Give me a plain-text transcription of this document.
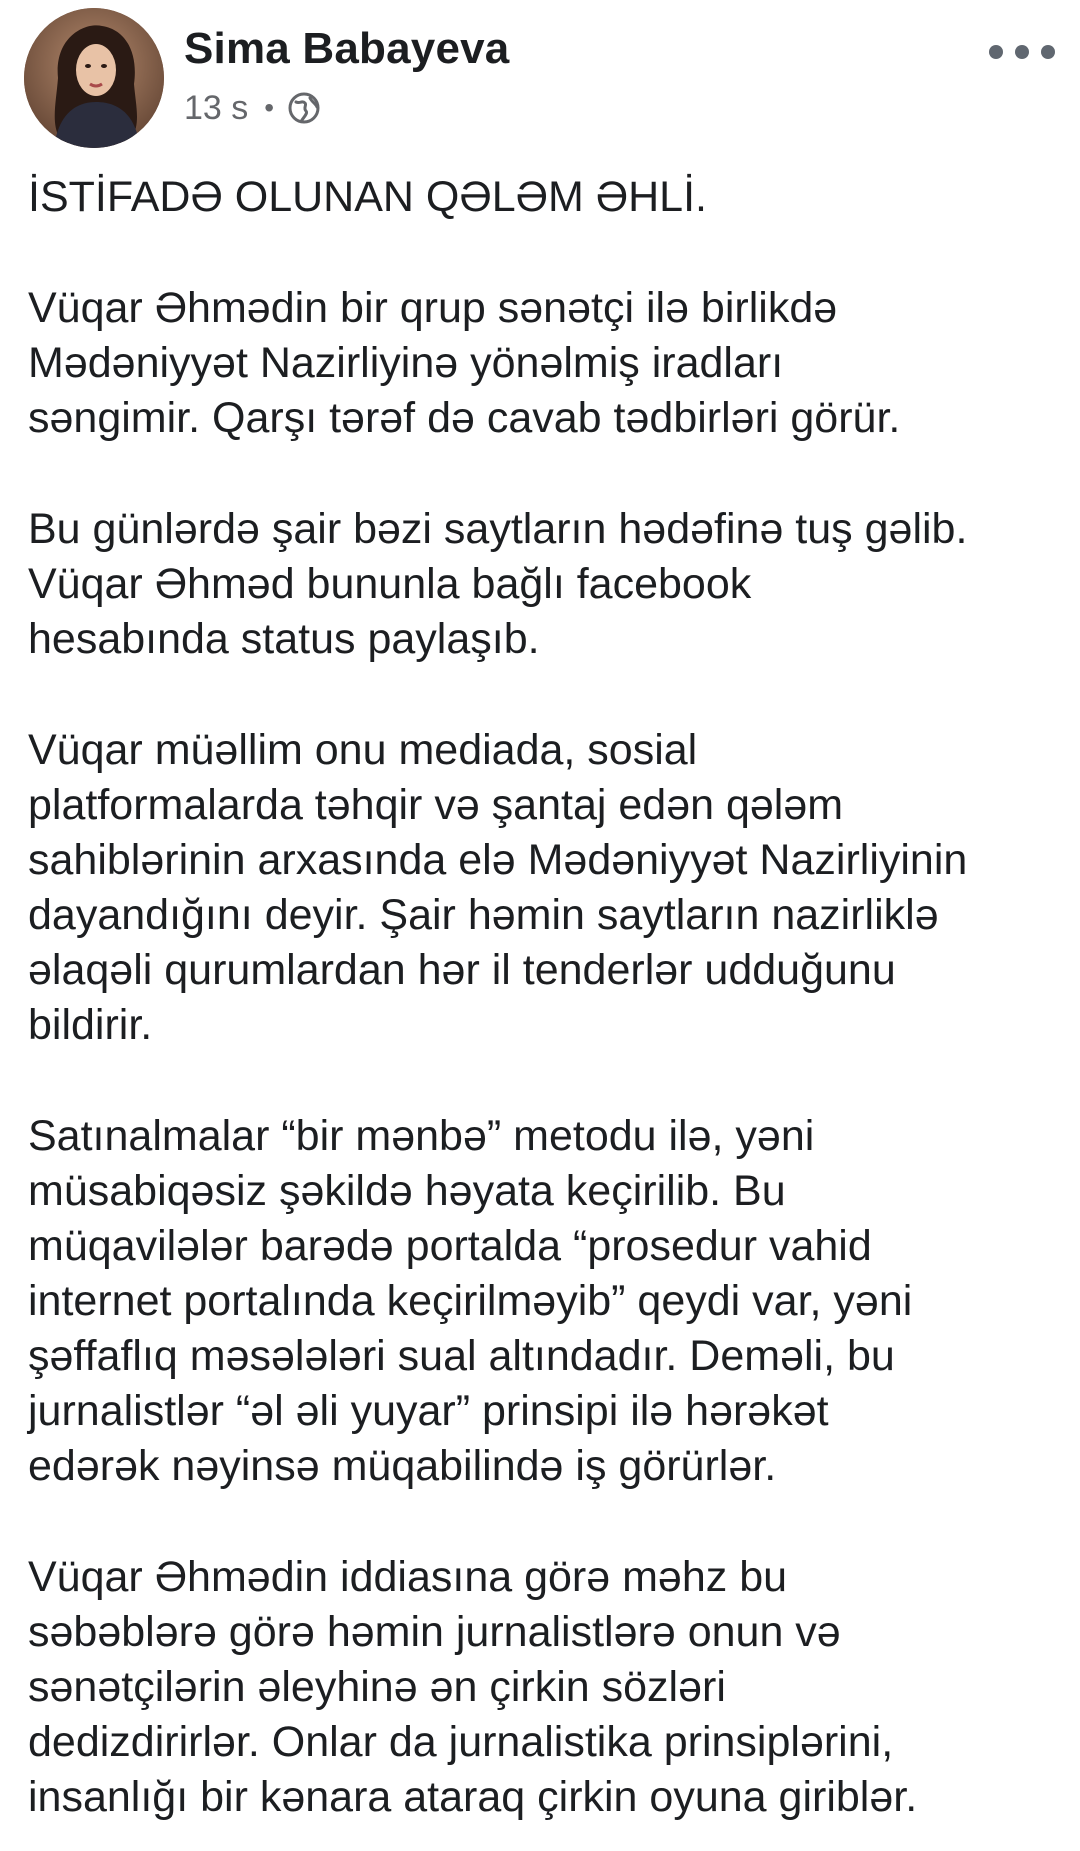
Sima Babayeva
13 s •

İSTİFADƏ OLUNAN QƏLƏM ƏHLİ.

Vüqar Əhmədin bir qrup sənətçi ilə birlikdə
Mədəniyyət Nazirliyinə yönəlmiş iradları
səngimir. Qarşı tərəf də cavab tədbirləri görür.

Bu günlərdə şair bəzi saytların hədəfinə tuş gəlib.
Vüqar Əhməd bununla bağlı facebook
hesabında status paylaşıb.

Vüqar müəllim onu mediada, sosial
platformalarda təhqir və şantaj edən qələm
sahiblərinin arxasında elə Mədəniyyət Nazirliyinin
dayandığını deyir. Şair həmin saytların nazirliklə
əlaqəli qurumlardan hər il tenderlər udduğunu
bildirir.

Satınalmalar “bir mənbə” metodu ilə, yəni
müsabiqəsiz şəkildə həyata keçirilib. Bu
müqavilələr barədə portalda “prosedur vahid
internet portalında keçirilməyib” qeydi var, yəni
şəffaflıq məsələləri sual altındadır. Deməli, bu
jurnalistlər “əl əli yuyar” prinsipi ilə hərəkət
edərək nəyinsə müqabilində iş görürlər.

Vüqar Əhmədin iddiasına görə məhz bu
səbəblərə görə həmin jurnalistlərə onun və
sənətçilərin əleyhinə ən çirkin sözləri
dedizdirirlər. Onlar da jurnalistika prinsiplərini,
insanlığı bir kənara ataraq çirkin oyuna giriblər.
